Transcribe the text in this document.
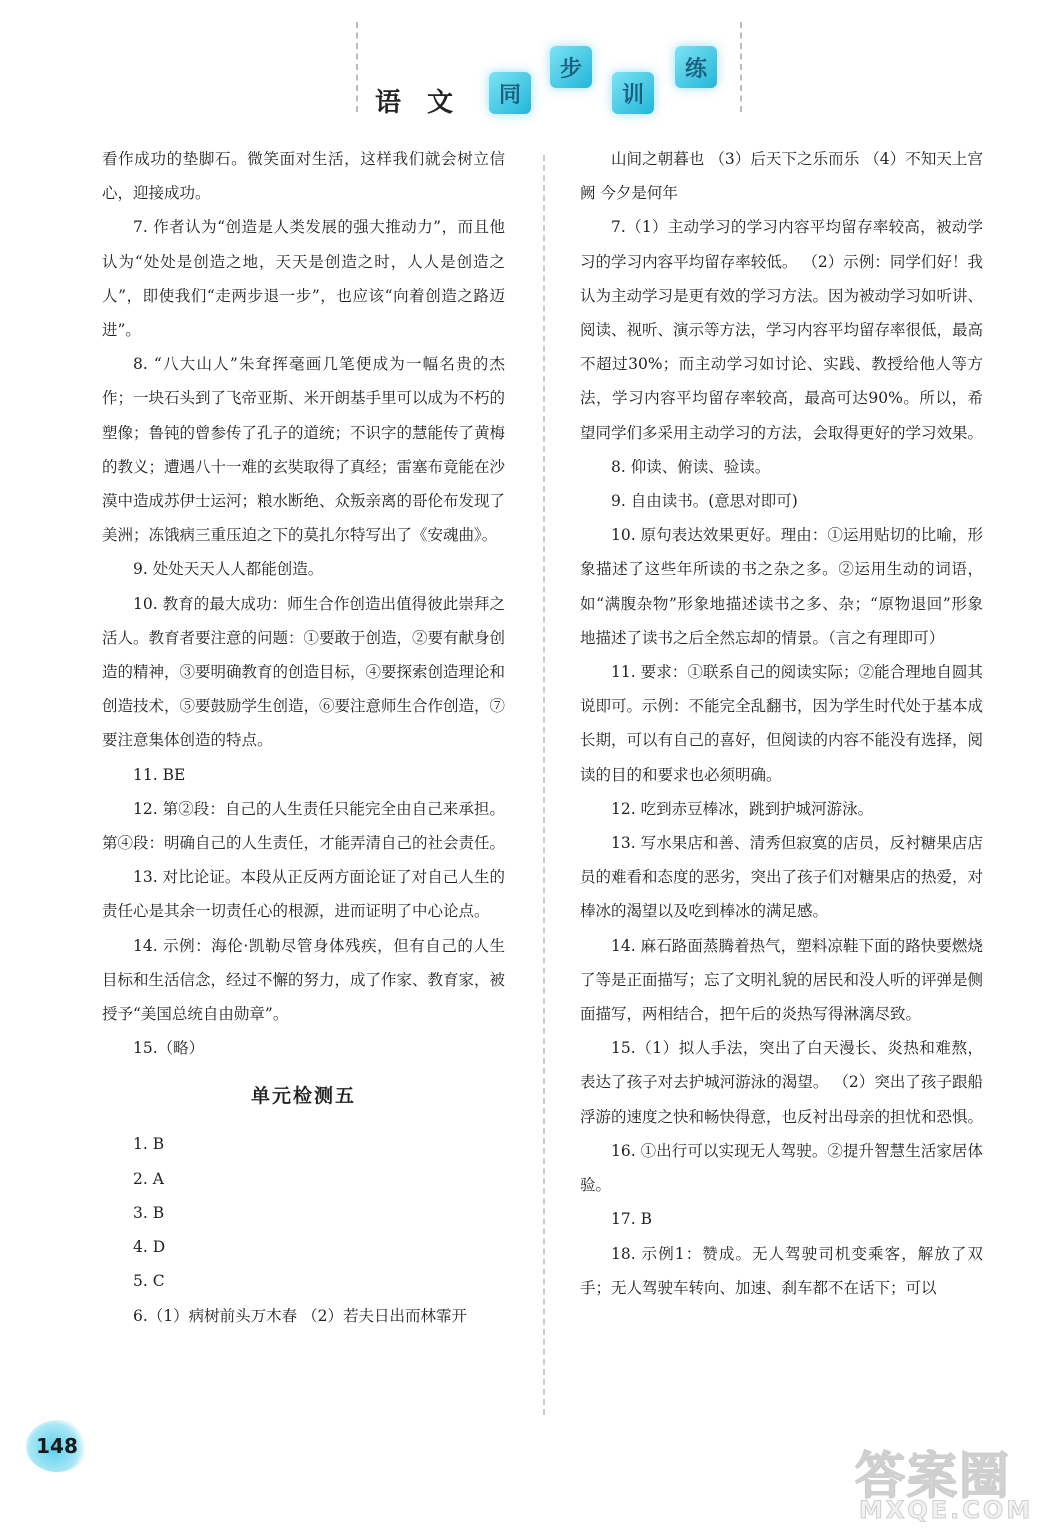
语 文	同
步
训
练

看作成功的垫脚石。微笑面对生活，这样我们就会树立信心，迎接成功。

7. 作者认为“创造是人类发展的强大推动力”，而且他认为“处处是创造之地，天天是创造之时，人人是创造之人”，即使我们“走两步退一步”，也应该“向着创造之路迈进”。

8. “八大山人”朱耷挥毫画几笔便成为一幅名贵的杰作；一块石头到了飞帝亚斯、米开朗基手里可以成为不朽的塑像；鲁钝的曾参传了孔子的道统；不识字的慧能传了黄梅的教义；遭遇八十一难的玄奘取得了真经；雷塞布竟能在沙漠中造成苏伊士运河；粮水断绝、众叛亲离的哥伦布发现了美洲；冻饿病三重压迫之下的莫扎尔特写出了《安魂曲》。

9. 处处天天人人都能创造。

10. 教育的最大成功：师生合作创造出值得彼此崇拜之活人。教育者要注意的问题：①要敢于创造，②要有献身创造的精神，③要明确教育的创造目标，④要探索创造理论和创造技术，⑤要鼓励学生创造，⑥要注意师生合作创造，⑦要注意集体创造的特点。

11. BE

12. 第②段：自己的人生责任只能完全由自己来承担。 第④段：明确自己的人生责任，才能弄清自己的社会责任。

13. 对比论证。本段从正反两方面论证了对自己人生的责任心是其余一切责任心的根源，进而证明了中心论点。

14. 示例：海伦·凯勒尽管身体残疾，但有自己的人生目标和生活信念，经过不懈的努力，成了作家、教育家，被授予“美国总统自由勋章”。

15.（略）

单元检测五

1. B

2. A

3. B

4. D

5. C

6.（1）病树前头万木春 （2）若夫日出而林霏开

山间之朝暮也 （3）后天下之乐而乐 （4）不知天上宫阙 今夕是何年

7.（1）主动学习的学习内容平均留存率较高，被动学习的学习内容平均留存率较低。 （2）示例：同学们好！我认为主动学习是更有效的学习方法。因为被动学习如听讲、阅读、视听、演示等方法，学习内容平均留存率很低，最高不超过30%；而主动学习如讨论、实践、教授给他人等方法，学习内容平均留存率较高，最高可达90%。所以，希望同学们多采用主动学习的方法，会取得更好的学习效果。

8. 仰读、俯读、验读。

9. 自由读书。(意思对即可)

10. 原句表达效果更好。理由：①运用贴切的比喻，形象描述了这些年所读的书之杂之多。②运用生动的词语，如“满腹杂物”形象地描述读书之多、杂；“原物退回”形象地描述了读书之后全然忘却的情景。（言之有理即可）

11. 要求：①联系自己的阅读实际；②能合理地自圆其说即可。示例：不能完全乱翻书，因为学生时代处于基本成长期，可以有自己的喜好，但阅读的内容不能没有选择，阅读的目的和要求也必须明确。

12. 吃到赤豆棒冰，跳到护城河游泳。

13. 写水果店和善、清秀但寂寞的店员，反衬糖果店店员的难看和态度的恶劣，突出了孩子们对糖果店的热爱，对棒冰的渴望以及吃到棒冰的满足感。

14. 麻石路面蒸腾着热气，塑料凉鞋下面的路快要燃烧了等是正面描写；忘了文明礼貌的居民和没人听的评弹是侧面描写，两相结合，把午后的炎热写得淋漓尽致。

15.（1）拟人手法，突出了白天漫长、炎热和难熬，表达了孩子对去护城河游泳的渴望。 （2）突出了孩子跟船浮游的速度之快和畅快得意，也反衬出母亲的担忧和恐惧。

16. ①出行可以实现无人驾驶。②提升智慧生活家居体验。

17. B

18. 示例1：赞成。无人驾驶司机变乘客，解放了双手；无人驾驶车转向、加速、刹车都不在话下；可以

148
答案圈
MXQE.COM
